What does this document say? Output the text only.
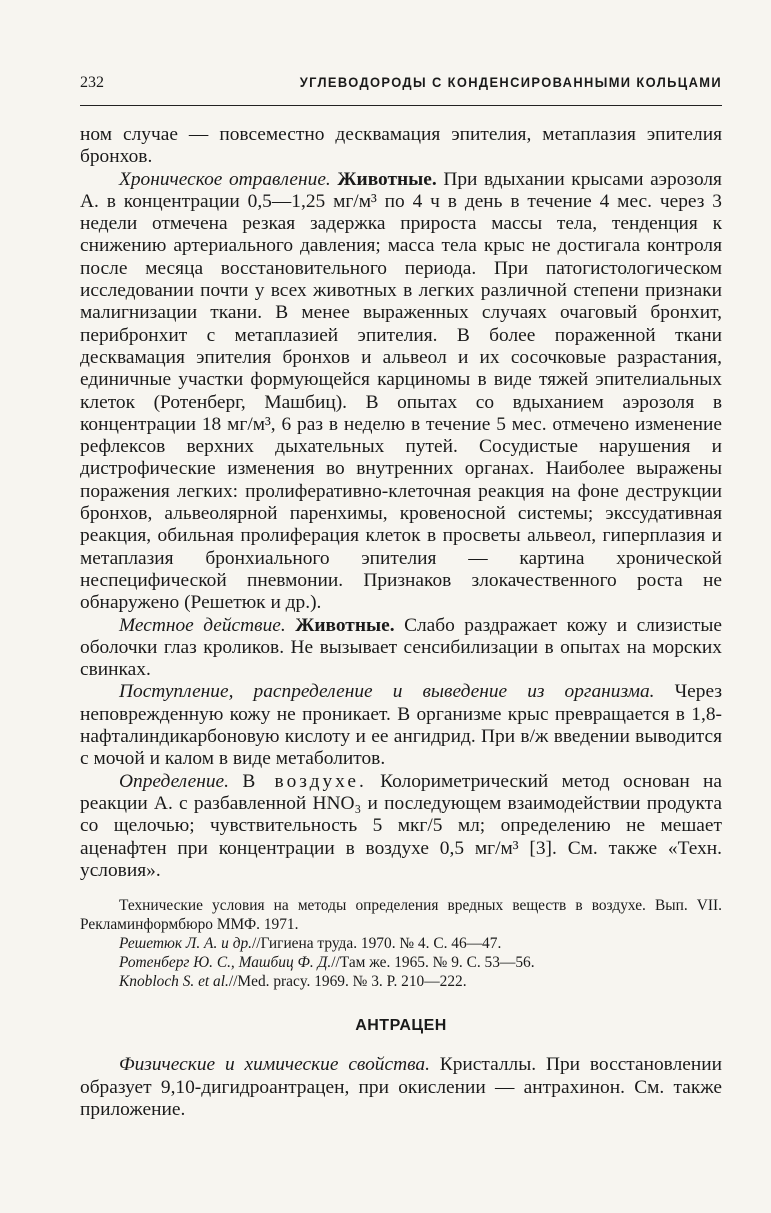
232	УГЛЕВОДОРОДЫ С КОНДЕНСИРОВАННЫМИ КОЛЬЦАМИ

ном случае — повсеместно десквамация эпителия, метаплазия эпителия бронхов.

Хроническое отравление. Животные. При вдыхании крысами аэрозоля А. в концентрации 0,5—1,25 мг/м³ по 4 ч в день в течение 4 мес. через 3 недели отмечена резкая задержка прироста массы тела, тенденция к снижению артериального давления; масса тела крыс не достигала контроля после месяца восстановительного периода. При патогистологическом исследовании почти у всех животных в легких различной степени признаки малигнизации ткани. В менее выраженных случаях очаговый бронхит, перибронхит с метаплазией эпителия. В более пораженной ткани десквамация эпителия бронхов и альвеол и их сосочковые разрастания, единичные участки формующейся карциномы в виде тяжей эпителиальных клеток (Ротенберг, Машбиц). В опытах со вдыханием аэрозоля в концентрации 18 мг/м³, 6 раз в неделю в течение 5 мес. отмечено изменение рефлексов верхних дыхательных путей. Сосудистые нарушения и дистрофические изменения во внутренних органах. Наиболее выражены поражения легких: пролиферативно-клеточная реакция на фоне деструкции бронхов, альвеолярной паренхимы, кровеносной системы; экссудативная реакция, обильная пролиферация клеток в просветы альвеол, гиперплазия и метаплазия бронхиального эпителия — картина хронической неспецифической пневмонии. Признаков злокачественного роста не обнаружено (Решетюк и др.).

Местное действие. Животные. Слабо раздражает кожу и слизистые оболочки глаз кроликов. Не вызывает сенсибилизации в опытах на морских свинках.

Поступление, распределение и выведение из организма. Через неповрежденную кожу не проникает. В организме крыс превращается в 1,8-нафталиндикарбоновую кислоту и ее ангидрид. При в/ж введении выводится с мочой и калом в виде метаболитов.

Определение. В воздухе. Колориметрический метод основан на реакции А. с разбавленной HNO₃ и последующем взаимодействии продукта со щелочью; чувствительность 5 мкг/5 мл; определению не мешает аценафтен при концентрации в воздухе 0,5 мг/м³ [3]. См. также «Техн. условия».

Технические условия на методы определения вредных веществ в воздухе. Вып. VII. Рекламинформбюро ММФ. 1971.

Решетюк Л. А. и др.//Гигиена труда. 1970. № 4. С. 46—47.

Ротенберг Ю. С., Машбиц Ф. Д.//Там же. 1965. № 9. С. 53—56.

Knobloch S. et al.//Med. pracy. 1969. № 3. P. 210—222.

АНТРАЦЕН

Физические и химические свойства. Кристаллы. При восстановлении образует 9,10-дигидроантрацен, при окислении — антрахинон. См. также приложение.
